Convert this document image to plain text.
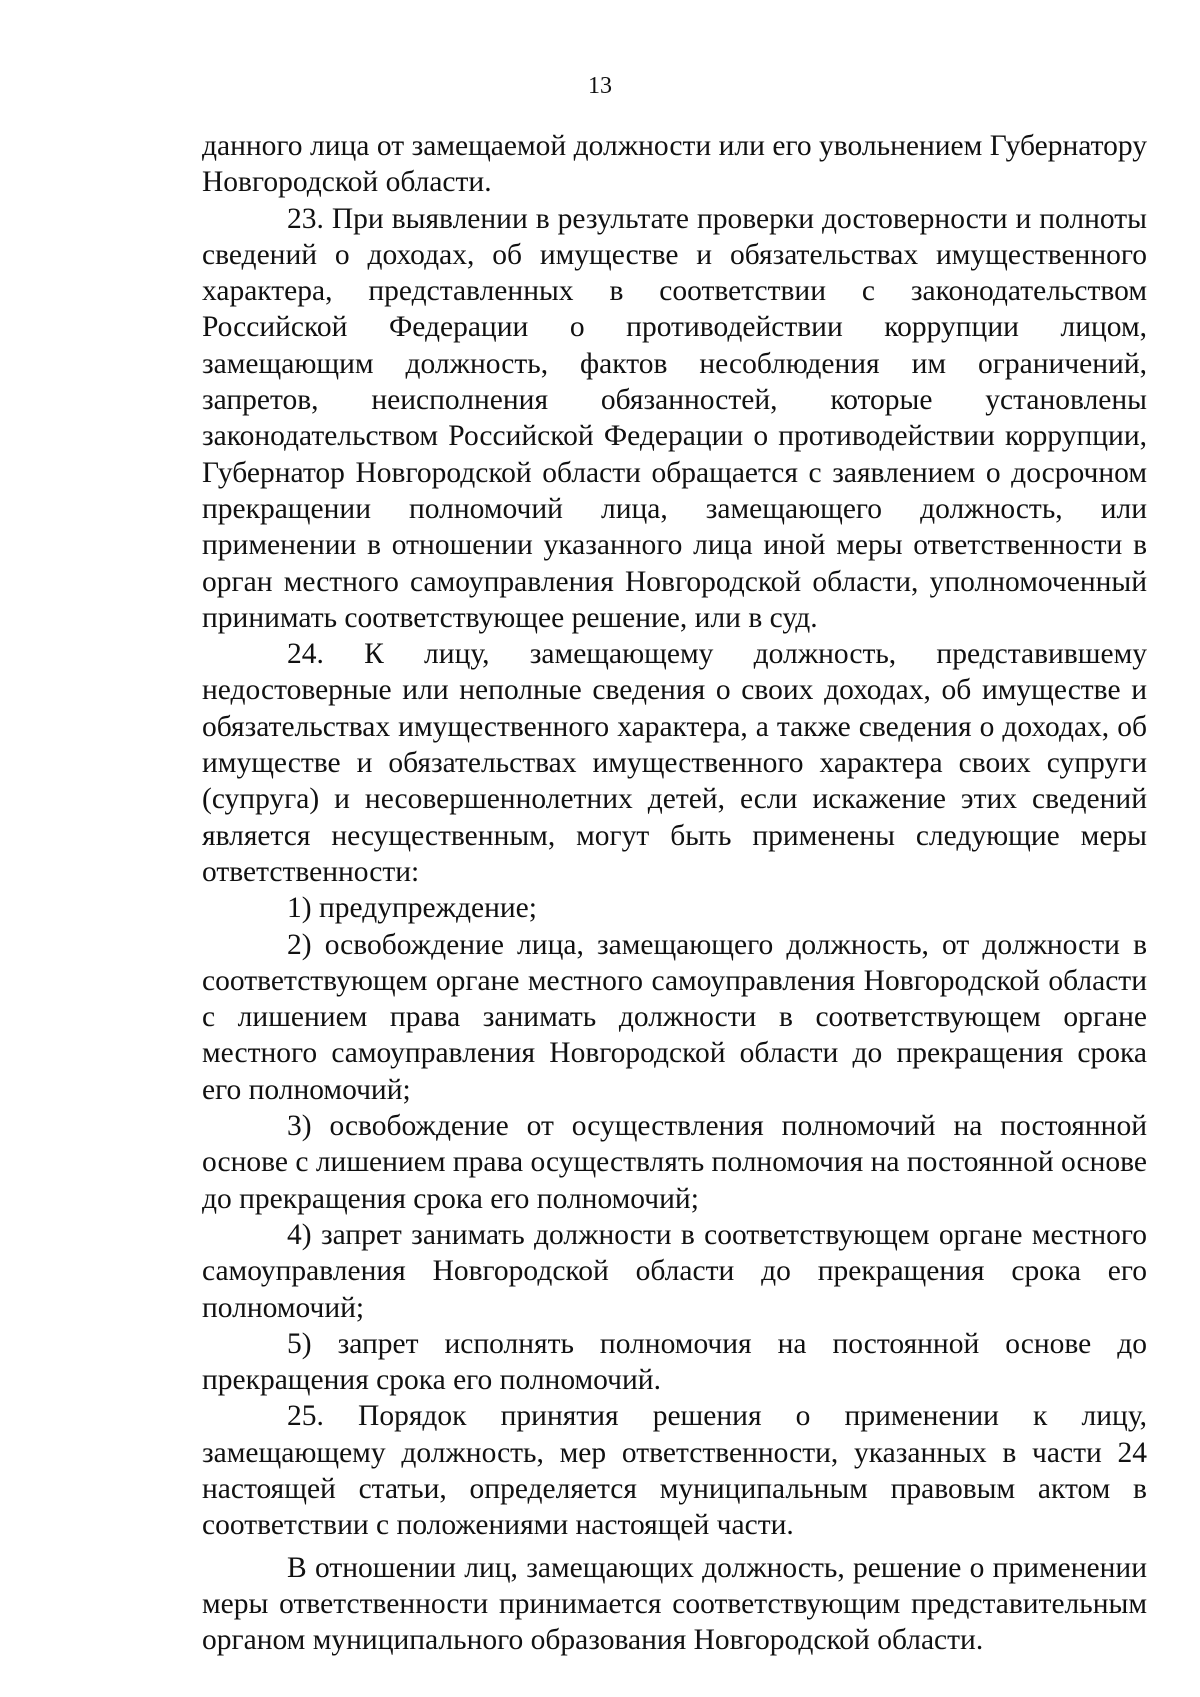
13

данного лица от замещаемой должности или его увольнением Губернатору Новгородской области.

23. При выявлении в результате проверки достоверности и полноты сведений о доходах, об имуществе и обязательствах имущественного характера, представленных в соответствии с законодательством Российской Федерации о противодействии коррупции лицом, замещающим должность, фактов несоблюдения им ограничений, запретов, неисполнения обязанностей, которые установлены законодательством Российской Федерации о противодействии коррупции, Губернатор Новгородской области обращается с заявлением о досрочном прекращении полномочий лица, замещающего должность, или применении в отношении указанного лица иной меры ответственности в орган местного самоуправления Новгородской области, уполномоченный принимать соответствующее решение, или в суд.

24. К лицу, замещающему должность, представившему недостоверные или неполные сведения о своих доходах, об имуществе и обязательствах имущественного характера, а также сведения о доходах, об имуществе и обязательствах имущественного характера своих супруги (супруга) и несовершеннолетних детей, если искажение этих сведений является несущественным, могут быть применены следующие меры ответственности:

1) предупреждение;

2) освобождение лица, замещающего должность, от должности в соответствующем органе местного самоуправления Новгородской области с лишением права занимать должности в соответствующем органе местного самоуправления Новгородской области до прекращения срока его полномочий;

3) освобождение от осуществления полномочий на постоянной основе с лишением права осуществлять полномочия на постоянной основе до прекращения срока его полномочий;

4) запрет занимать должности в соответствующем органе местного самоуправления Новгородской области до прекращения срока его полномочий;

5) запрет исполнять полномочия на постоянной основе до прекращения срока его полномочий.

25. Порядок принятия решения о применении к лицу, замещающему должность, мер ответственности, указанных в части 24 настоящей статьи, определяется муниципальным правовым актом в соответствии с положениями настоящей части.

В отношении лиц, замещающих должность, решение о применении меры ответственности принимается соответствующим представительным органом муниципального образования Новгородской области.
